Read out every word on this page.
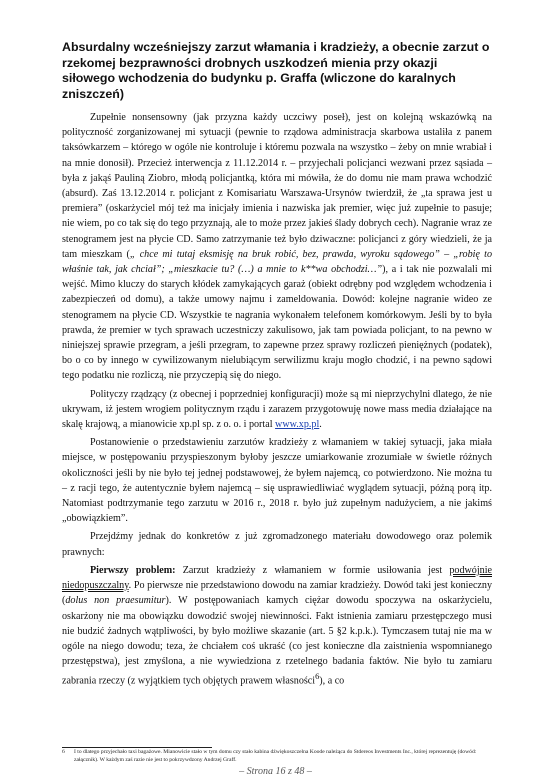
Absurdalny wcześniejszy zarzut włamania i kradzieży, a obecnie zarzut o rzekomej bezprawności drobnych uszkodzeń mienia przy okazji siłowego wchodzenia do budynku p. Graffa (wliczone do karalnych zniszczeń)

Zupełnie nonsensowny (jak przyzna każdy uczciwy poseł), jest on kolejną wskazówką na polityczność zorganizowanej mi sytuacji (pewnie to rządowa administracja skarbowa ustaliła z panem taksówkarzem – którego w ogóle nie kontroluje i któremu pozwala na wszystko – żeby on mnie wrabiał i na mnie donosił). Przecież interwencja z 11.12.2014 r. – przyjechali policjanci wezwani przez sąsiada – była z jakąś Pauliną Ziobro, młodą policjantką, która mi mówiła, że do domu nie mam prawa wchodzić (absurd). Zaś 13.12.2014 r. policjant z Komisariatu Warszawa-Ursynów twierdził, że „ta sprawa jest u premiera” (oskarżyciel mój też ma inicjały imienia i nazwiska jak premier, więc już zupełnie to pasuje; nie wiem, po co tak się do tego przyznają, ale to może przez jakieś ślady dobrych cech). Nagranie wraz ze stenogramem jest na płycie CD. Samo zatrzymanie też było dziwaczne: policjanci z góry wiedzieli, że ja tam mieszkam („ chce mi tutaj eksmisję na bruk robić, bez, prawda, wyroku sądowego” – „robię to właśnie tak, jak chciał”; „mieszkacie tu? (…) a mnie to k**wa obchodzi…”), a i tak nie pozwalali mi wejść. Mimo kluczy do starych kłódek zamykających garaż (obiekt odrębny pod względem wchodzenia i zabezpieczeń od domu), a także umowy najmu i zameldowania. Dowód: kolejne nagranie wideo ze stenogramem na płycie CD. Wszystkie te nagrania wykonałem telefonem komórkowym. Jeśli by to była prawda, że premier w tych sprawach uczestniczy zakulisowo, jak tam powiada policjant, to na pewno w niniejszej sprawie przegram, a jeśli przegram, to zapewne przez sprawy rozliczeń pieniężnych (podatek), bo o co by innego w cywilizowanym nielubiącym serwilizmu kraju mogło chodzić, i na pewno sądowi tego podatku nie rozliczą, nie przyczepią się do niego.

Polityczy rządzący (z obecnej i poprzedniej konfiguracji) może są mi nieprzychylni dlatego, że nie ukrywam, iż jestem wrogiem politycznym rządu i zarazem przygotowuję nowe mass media działające na skalę krajową, a mianowicie xp.pl sp. z o. o. i portal www.xp.pl.

Postanowienie o przedstawieniu zarzutów kradzieży z włamaniem w takiej sytuacji, jaka miała miejsce, w postępowaniu przyspieszonym byłoby jeszcze umiarkowanie zrozumiałe w świetle różnych okoliczności jeśli by nie było tej jednej podstawowej, że byłem najemcą, co potwierdzono. Nie można tu – z racji tego, że autentycznie byłem najemcą – się usprawiedliwiać wyglądem sytuacji, późną porą itp. Natomiast podtrzymanie tego zarzutu w 2016 r., 2018 r. było już zupełnym nadużyciem, a nie jakimś „obowiązkiem”.

Przejdźmy jednak do konkretów z już zgromadzonego materiału dowodowego oraz polemik prawnych:

Pierwszy problem: Zarzut kradzieży z włamaniem w formie usiłowania jest podwójnie niedopuszczalny. Po pierwsze nie przedstawiono dowodu na zamiar kradzieży. Dowód taki jest konieczny (dolus non praesumitur). W postępowaniach kamych ciężar dowodu spoczywa na oskarżycielu, oskarżony nie ma obowiązku dowodzić swojej niewinności. Fakt istnienia zamiaru przestępczego musi nie budzić żadnych wątpliwości, by było możliwe skazanie (art. 5 §2 k.p.k.). Tymczasem tutaj nie ma w ogóle na niego dowodu; teza, że chciałem coś ukraść (co jest konieczne dla zaistnienia wspomnianego przestępstwa), jest zmyślona, a nie wywiedziona z rzetelnego badania faktów. Nie było tu zamiaru zabrania rzeczy (z wyjątkiem tych objętych prawem własności$^6$), a co

6	I to dlatego przyjechało taxi bagażowe. Mianowicie stało w tym domu czy stało kabina dźwiękoszczelna Koode należąca do Stdereos Investments Inc., której reprezentuję (dowód: załącznik). W każdym zaś razie nie jest to pokrzywdzony Andrzej Graff.
– Strona 16 z 48 –
